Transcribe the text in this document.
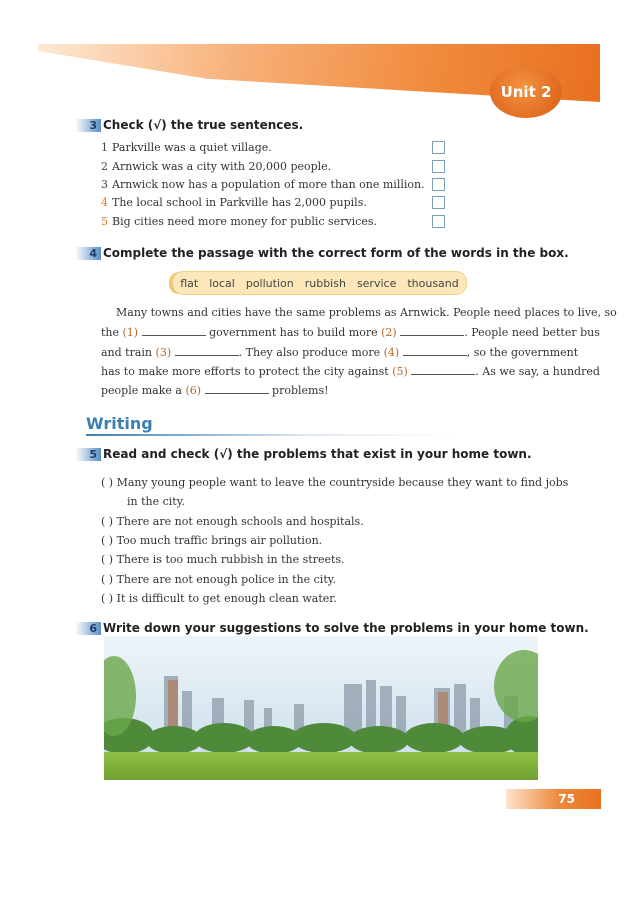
Unit 2
3 Check (√) the true sentences.
1 Parkville was a quiet village.
2 Arnwick was a city with 20,000 people.
3 Arnwick now has a population of more than one million.
4 The local school in Parkville has 2,000 pupils.
5 Big cities need more money for public services.
4 Complete the passage with the correct form of the words in the box.
flat local pollution rubbish service thousand
Many towns and cities have the same problems as Arnwick. People need places to live, so
the (1)	government has to build more (2)	. People need better bus
and train (3)	. They also produce more (4)	, so the government
has to make more efforts to protect the city against (5)	. As we say, a hundred
people make a (6)	problems!
Writing
5 Read and check (√) the problems that exist in your home town.
( ) Many young people want to leave the countryside because they want to find jobs
in the city.
( ) There are not enough schools and hospitals.
( ) Too much traffic brings air pollution.
( ) There is too much rubbish in the streets.
( ) There are not enough police in the city.
( ) It is difficult to get enough clean water.
6 Write down your suggestions to solve the problems in your home town.
75
